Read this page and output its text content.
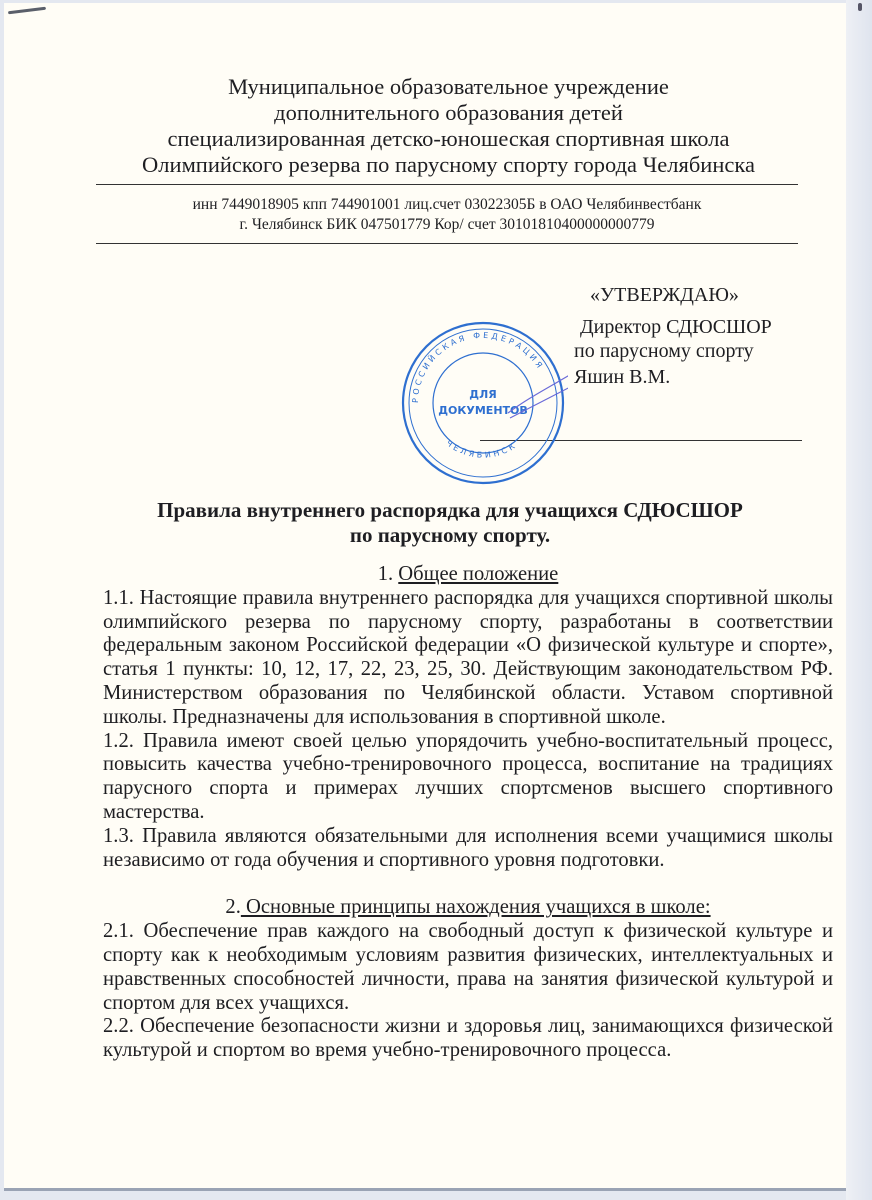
Муниципальное образовательное учреждение
дополнительного образования детей
специализированная детско-юношеская спортивная школа
Олимпийского резерва по парусному спорту города Челябинска
инн 7449018905 кпп 744901001 лиц.счет 03022305Б в ОАО Челябинвестбанк
г. Челябинск БИК 047501779 Кор/ счет 30101810400000000779
«УТВЕРЖДАЮ»
Директор СДЮСШОР
по парусному спорту
Яшин В.М.
РОССИЙСКАЯ ФЕДЕРАЦИЯ
ЧЕЛЯБИНСК
ДЛЯ
ДОКУМЕНТОВ
Правила внутреннего распорядка для учащихся СДЮСШОР
по парусному спорту.
1. Общее положение

1.1. Настоящие правила внутреннего распорядка для учащихся спортивной школы олимпийского резерва по парусному спорту, разработаны в соответствии федеральным законом Российской федерации «О физической культуре и спорте», статья 1 пункты: 10, 12, 17, 22, 23, 25, 30. Действующим законодательством РФ. Министерством образования по Челябинской области. Уставом спортивной школы. Предназначены для использования в спортивной школе.

1.2. Правила имеют своей целью упорядочить учебно-воспитательный процесс, повысить качества учебно-тренировочного процесса, воспитание на традициях парусного спорта и примерах лучших спортсменов высшего спортивного мастерства.

1.3. Правила являются обязательными для исполнения всеми учащимися школы независимо от года обучения и спортивного уровня подготовки.

2. Основные принципы нахождения учащихся в школе:

2.1. Обеспечение прав каждого на свободный доступ к физической культуре и спорту как к необходимым условиям развития физических, интеллектуальных и нравственных способностей личности, права на занятия физической культурой и спортом для всех учащихся.

2.2. Обеспечение безопасности жизни и здоровья лиц, занимающихся физической культурой и спортом во время учебно-тренировочного процесса.
